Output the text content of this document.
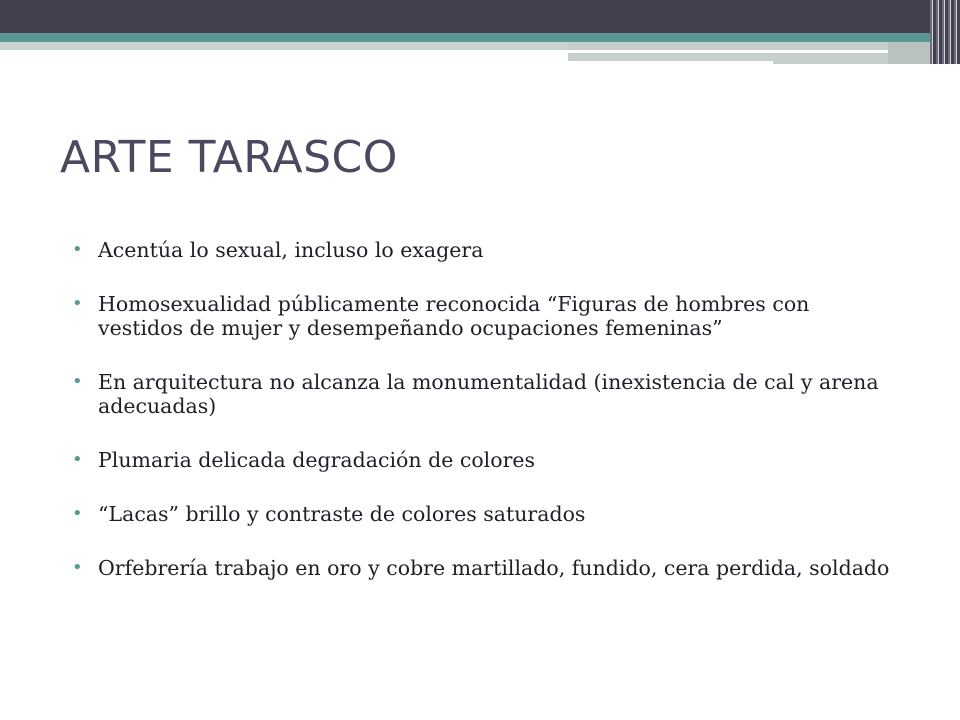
ARTE TARASCO
• Acentúa lo sexual, incluso lo exagera
• Homosexualidad públicamente reconocida “Figuras de hombres con vestidos de mujer y desempeñando ocupaciones femeninas”
• En arquitectura no alcanza la monumentalidad (inexistencia de cal y arena adecuadas)
• Plumaria delicada degradación de colores
• “Lacas” brillo y contraste de colores saturados
• Orfebrería trabajo en oro y cobre martillado, fundido, cera perdida, soldado
